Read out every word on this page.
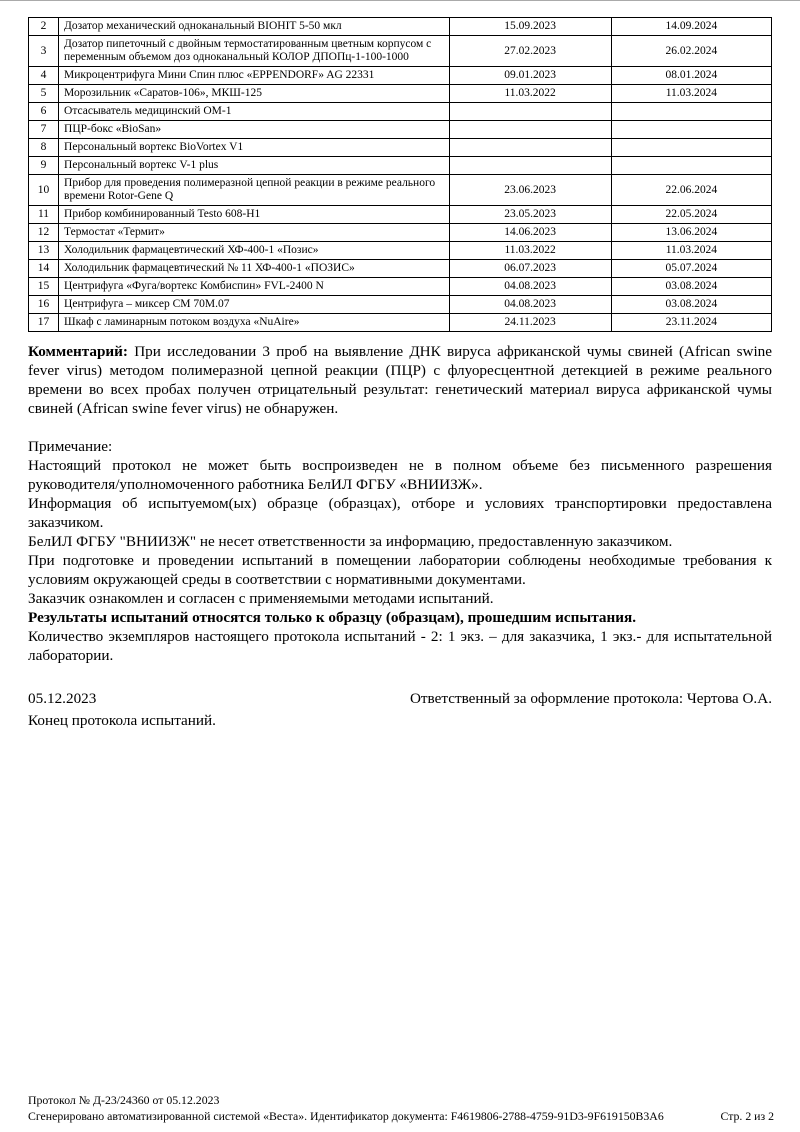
2	Дозатор механический одноканальный BIOHIT 5-50 мкл	15.09.2023	14.09.2024
3	Дозатор пипеточный с двойным термостатированным цветным корпусом с переменным объемом доз одноканальный КОЛОР ДПОПц-1-100-1000	27.02.2023	26.02.2024
4	Микроцентрифуга Мини Спин плюс «EPPENDORF» AG 22331	09.01.2023	08.01.2024
5	Морозильник «Саратов-106», МКШ-125	11.03.2022	11.03.2024
6	Отсасыватель медицинский ОМ-1		
7	ПЦР-бокс «BioSan»		
8	Персональный вортекс BioVortex V1		
9	Персональный вортекс V-1 plus		
10	Прибор для проведения полимеразной цепной реакции в режиме реального времени Rotor-Gene Q	23.06.2023	22.06.2024
11	Прибор комбинированный Testo 608-H1	23.05.2023	22.05.2024
12	Термостат «Термит»	14.06.2023	13.06.2024
13	Холодильник фармацевтический ХФ-400-1 «Позис»	11.03.2022	11.03.2024
14	Холодильник фармацевтический № 11 ХФ-400-1 «ПОЗИС»	06.07.2023	05.07.2024
15	Центрифуга «Фуга/вортекс Комбиспин» FVL-2400 N	04.08.2023	03.08.2024
16	Центрифуга – миксер СМ 70М.07	04.08.2023	03.08.2024
17	Шкаф с ламинарным потоком воздуха «NuAire»	24.11.2023	23.11.2024

Комментарий: При исследовании 3 проб на выявление ДНК вируса африканской чумы свиней (African swine fever virus) методом полимеразной цепной реакции (ПЦР) с флуоресцентной детекцией в режиме реального времени во всех пробах получен отрицательный результат: генетический материал вируса африканской чумы свиней (African swine fever virus) не обнаружен.

Примечание:
Настоящий протокол не может быть воспроизведен не в полном объеме без письменного разрешения руководителя/уполномоченного работника БелИЛ ФГБУ «ВНИИЗЖ».
Информация об испытуемом(ых) образце (образцах), отборе и условиях транспортировки предоставлена заказчиком.
БелИЛ ФГБУ "ВНИИЗЖ" не несет ответственности за информацию, предоставленную заказчиком.
При подготовке и проведении испытаний в помещении лаборатории соблюдены необходимые требования к условиям окружающей среды в соответствии с нормативными документами.
Заказчик ознакомлен и согласен с применяемыми методами испытаний.
Результаты испытаний относятся только к образцу (образцам), прошедшим испытания.
Количество экземпляров настоящего протокола испытаний - 2: 1 экз. – для заказчика, 1 экз.- для испытательной лаборатории.
05.12.2023	Ответственный за оформление протокола: Чертова О.А.
Конец протокола испытаний.
Протокол № Д-23/24360 от 05.12.2023
Сгенерировано автоматизированной системой «Веста». Идентификатор документа: F4619806-2788-4759-91D3-9F619150B3A6	Стр. 2 из 2
